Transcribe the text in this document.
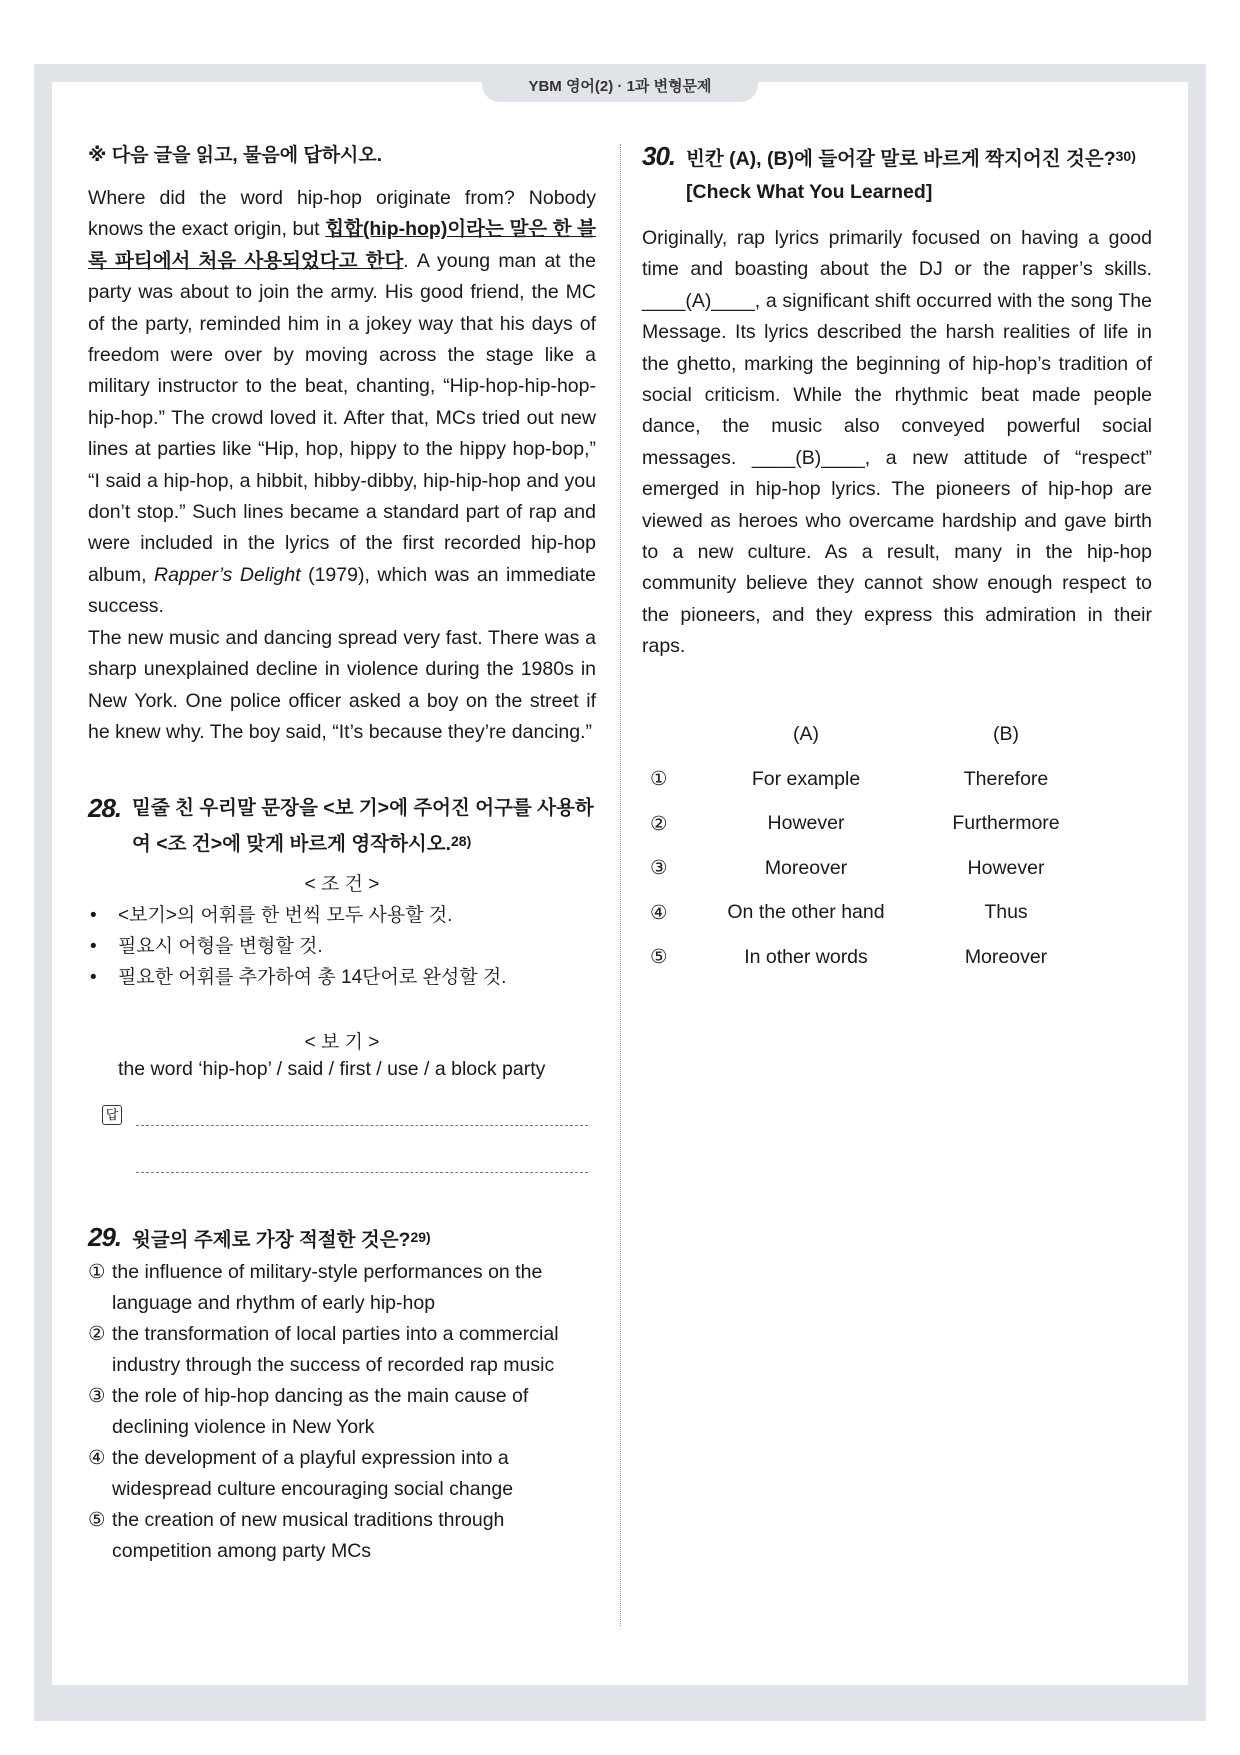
YBM 영어(2) · 1과 변형문제

※ 다음 글을 읽고, 물음에 답하시오.

Where did the word hip-hop originate from? Nobody knows the exact origin, but 힙합(hip-hop)이라는 말은 한 블록 파티에서 처음 사용되었다고 한다. A young man at the party was about to join the army. His good friend, the MC of the party, reminded him in a jokey way that his days of freedom were over by moving across the stage like a military instructor to the beat, chanting, “Hip-hop-hip-hop-hip-hop.” The crowd loved it. After that, MCs tried out new lines at parties like “Hip, hop, hippy to the hippy hop-bop,” “I said a hip-hop, a hibbit, hibby-dibby, hip-hip-hop and you don’t stop.” Such lines became a standard part of rap and were included in the lyrics of the first recorded hip-hop album, Rapper’s Delight (1979), which was an immediate success.

The new music and dancing spread very fast. There was a sharp unexplained decline in violence during the 1980s in New York. One police officer asked a boy on the street if he knew why. The boy said, “It’s because they’re dancing.”

28. 밑줄 친 우리말 문장을 <보 기>에 주어진 어구를 사용하여 <조 건>에 맞게 바르게 영작하시오.$^{28)}$
< 조 건 >
• <보기>의 어휘를 한 번씩 모두 사용할 것.
• 필요시 어형을 변형할 것.
• 필요한 어휘를 추가하여 총 14단어로 완성할 것.
< 보 기 >
the word ‘hip-hop’ / said / first / use / a block party
답
29. 윗글의 주제로 가장 적절한 것은?$^{29)}$
① the influence of military-style performances on the language and rhythm of early hip-hop
② the transformation of local parties into a commercial industry through the success of recorded rap music
③ the role of hip-hop dancing as the main cause of declining violence in New York
④ the development of a playful expression into a widespread culture encouraging social change
⑤ the creation of new musical traditions through competition among party MCs
30. 빈칸 (A), (B)에 들어갈 말로 바르게 짝지어진 것은?$^{30)}$
[Check What You Learned]

Originally, rap lyrics primarily focused on having a good time and boasting about the DJ or the rapper’s skills. ____(A)____, a significant shift occurred with the song The Message. Its lyrics described the harsh realities of life in the ghetto, marking the beginning of hip-hop’s tradition of social criticism. While the rhythmic beat made people dance, the music also conveyed powerful social messages. ____(B)____, a new attitude of “respect” emerged in hip-hop lyrics. The pioneers of hip-hop are viewed as heroes who overcame hardship and gave birth to a new culture. As a result, many in the hip-hop community believe they cannot show enough respect to the pioneers, and they express this admiration in their raps.

(A)	(B)
①	For example	Therefore
②	However	Furthermore
③	Moreover	However
④	On the other hand	Thus
⑤	In other words	Moreover
